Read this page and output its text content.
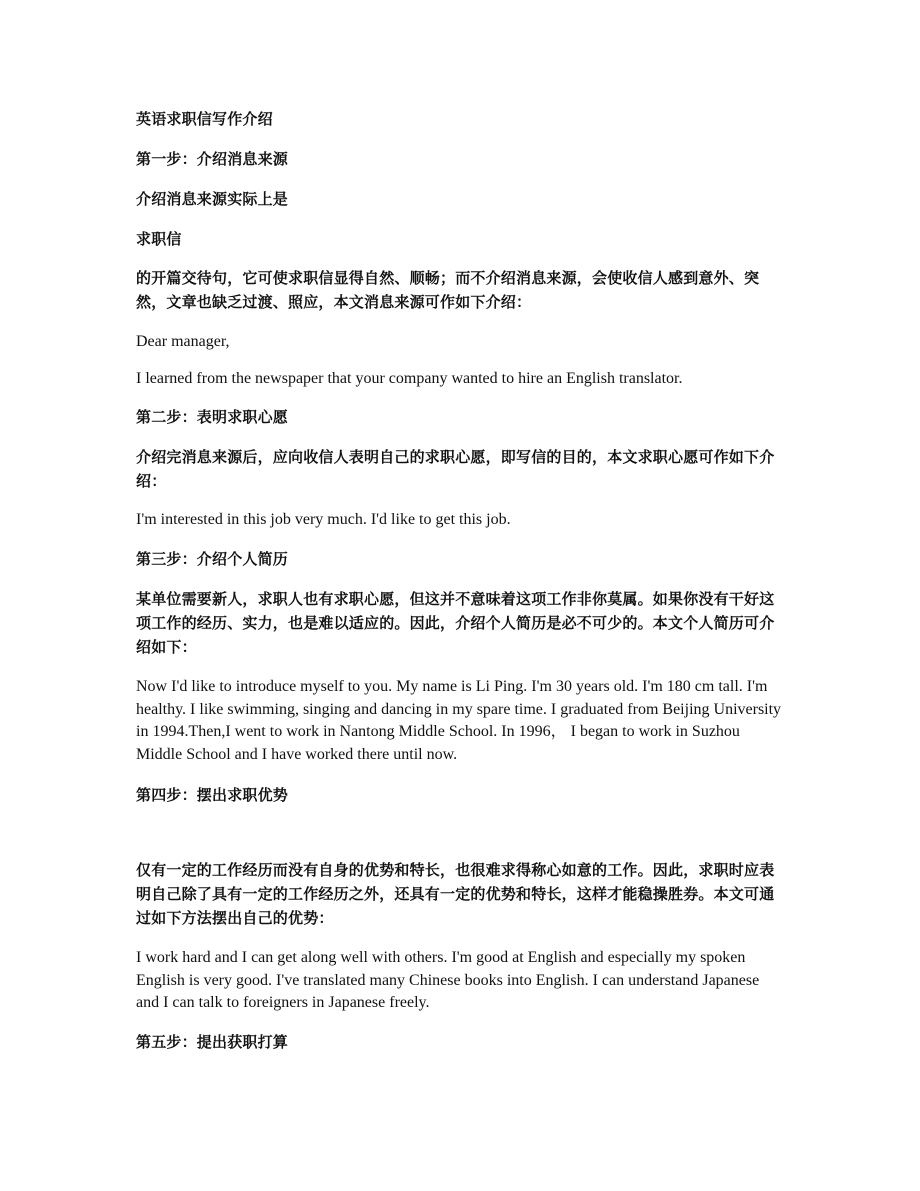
英语求职信写作介绍

第一步：介绍消息来源

介绍消息来源实际上是

求职信

的开篇交待句，它可使求职信显得自然、顺畅；而不介绍消息来源，会使收信人感到意外、突然，文章也缺乏过渡、照应，本文消息来源可作如下介绍：

Dear manager,

I learned from the newspaper that your company wanted to hire an English translator.

第二步：表明求职心愿

介绍完消息来源后，应向收信人表明自己的求职心愿，即写信的目的，本文求职心愿可作如下介绍：

I'm interested in this job very much. I'd like to get this job.

第三步：介绍个人简历

某单位需要新人，求职人也有求职心愿，但这并不意味着这项工作非你莫属。如果你没有干好这项工作的经历、实力，也是难以适应的。因此，介绍个人简历是必不可少的。本文个人简历可介绍如下：

Now I'd like to introduce myself to you. My name is Li Ping. I'm 30 years old. I'm 180 cm tall. I'm healthy. I like swimming, singing and dancing in my spare time. I graduated from Beijing University in 1994.Then,I went to work in Nantong Middle School. In 1996， I began to work in Suzhou Middle School and I have worked there until now.

第四步：摆出求职优势

仅有一定的工作经历而没有自身的优势和特长，也很难求得称心如意的工作。因此，求职时应表明自己除了具有一定的工作经历之外，还具有一定的优势和特长，这样才能稳操胜券。本文可通过如下方法摆出自己的优势：

I work hard and I can get along well with others. I'm good at English and especially my spoken English is very good. I've translated many Chinese books into English. I can understand Japanese and I can talk to foreigners in Japanese freely.

第五步：提出获职打算
